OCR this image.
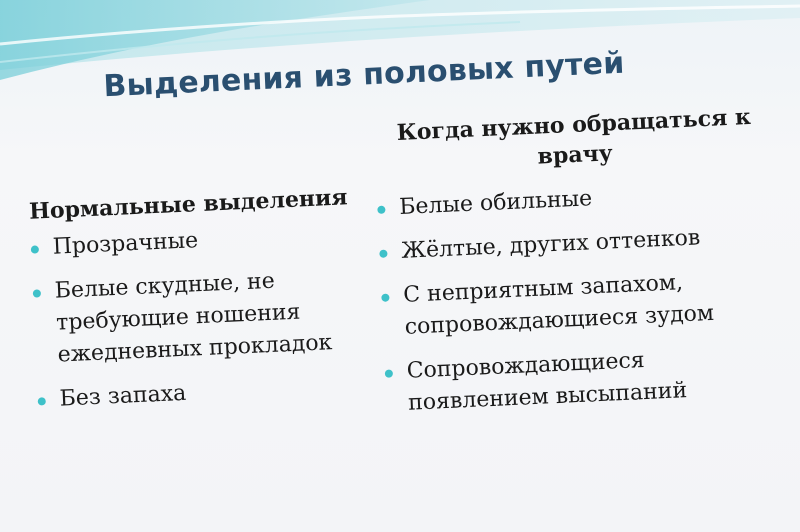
Выделения из половых путей
Нормальные выделения
Прозрачные
Белые скудные, не требующие ношения ежедневных прокладок
Без запаха
Когда нужно обращаться к врачу
Белые обильные
Жёлтые, других оттенков
С неприятным запахом, сопровождающиеся зудом
Сопровождающиеся появлением высыпаний
